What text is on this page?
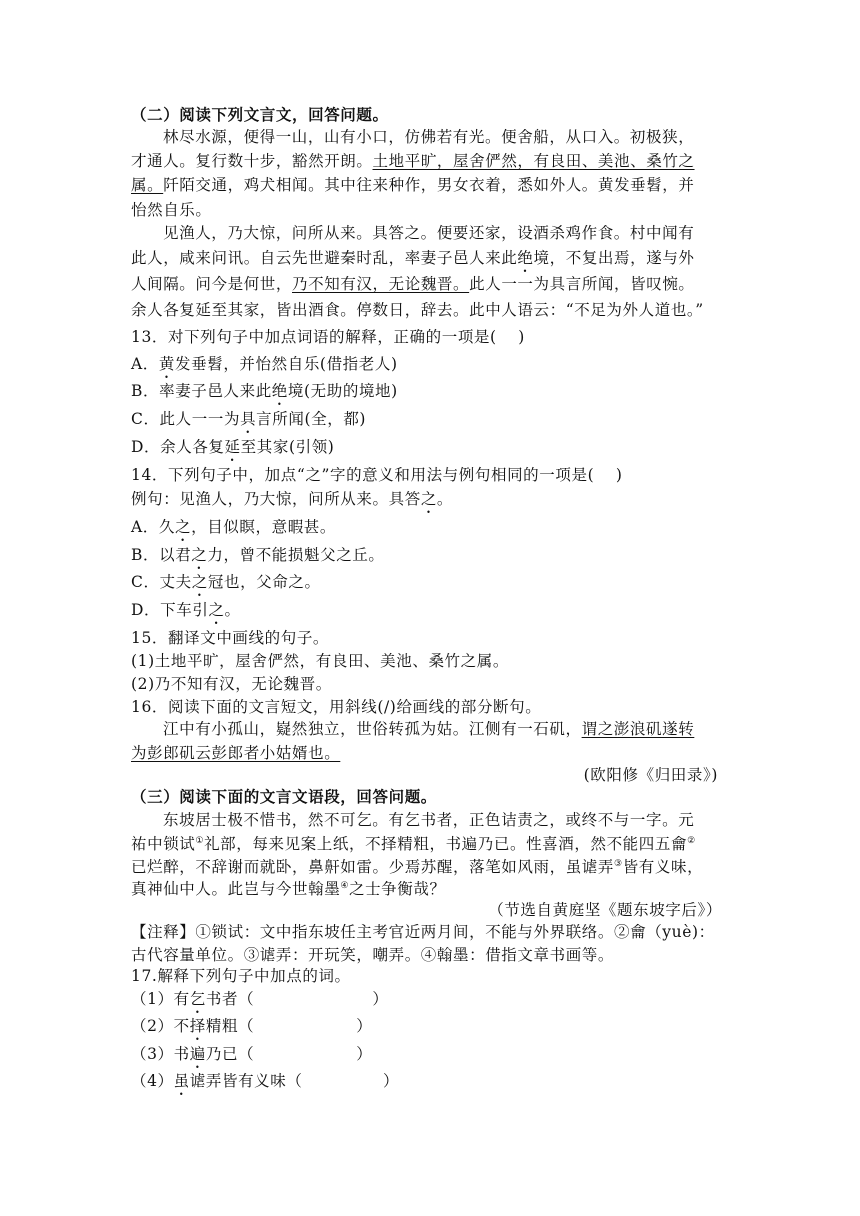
（二）阅读下列文言文，回答问题。
林尽水源，便得一山，山有小口，仿佛若有光。便舍船，从口入。初极狭，
才通人。复行数十步，豁然开朗。土地平旷，屋舍俨然，有良田、美池、桑竹之
属。阡陌交通，鸡犬相闻。其中往来种作，男女衣着，悉如外人。黄发垂髫，并
怡然自乐。
见渔人，乃大惊，问所从来。具答之。便要还家，设酒杀鸡作食。村中闻有
此人，咸来问讯。自云先世避秦时乱，率妻子邑人来此绝境，不复出焉，遂与外
人间隔。问今是何世，乃不知有汉，无论魏晋。此人一一为具言所闻，皆叹惋。
余人各复延至其家，皆出酒食。停数日，辞去。此中人语云：“不足为外人道也。”
13．对下列句子中加点词语的解释，正确的一项是(　 )
A．黄发垂髫，并怡然自乐(借指老人)
B．率妻子邑人来此绝境(无助的境地)
C．此人一一为具言所闻(全，都)
D．余人各复延至其家(引领)
14．下列句子中，加点“之”字的意义和用法与例句相同的一项是(　 )
例句：见渔人，乃大惊，问所从来。具答之。
A．久之，目似瞑，意暇甚。
B．以君之力，曾不能损魁父之丘。
C．丈夫之冠也，父命之。
D．下车引之。
15．翻译文中画线的句子。
(1)土地平旷，屋舍俨然，有良田、美池、桑竹之属。
(2)乃不知有汉，无论魏晋。
16．阅读下面的文言短文，用斜线(/)给画线的部分断句。
江中有小孤山，嶷然独立，世俗转孤为姑。江侧有一石矶，谓之澎浪矶遂转
为彭郎矶云彭郎者小姑婿也。
(欧阳修《归田录》)
（三）阅读下面的文言文语段，回答问题。
东坡居士极不惜书，然不可乞。有乞书者，正色诘责之，或终不与一字。元
祐中锁试①礼部，每来见案上纸，不择精粗，书遍乃已。性喜酒，然不能四五龠②
已烂醉，不辞谢而就卧，鼻鼾如雷。少焉苏醒，落笔如风雨，虽谑弄③皆有义味，
真神仙中人。此岂与今世翰墨④之士争衡哉？
（节选自黄庭坚《题东坡字后》）
【注释】①锁试：文中指东坡任主考官近两月间，不能与外界联络。②龠（yuè)：
古代容量单位。③谑弄：开玩笑，嘲弄。④翰墨：借指文章书画等。
17.解释下列句子中加点的词。
（1）有乞书者（　　　　　　　 ）
（2）不择精粗（　　　　　　 ）
（3）书遍乃已（　　　　　　 ）
（4）虽谑弄皆有义味（　　　　　）
